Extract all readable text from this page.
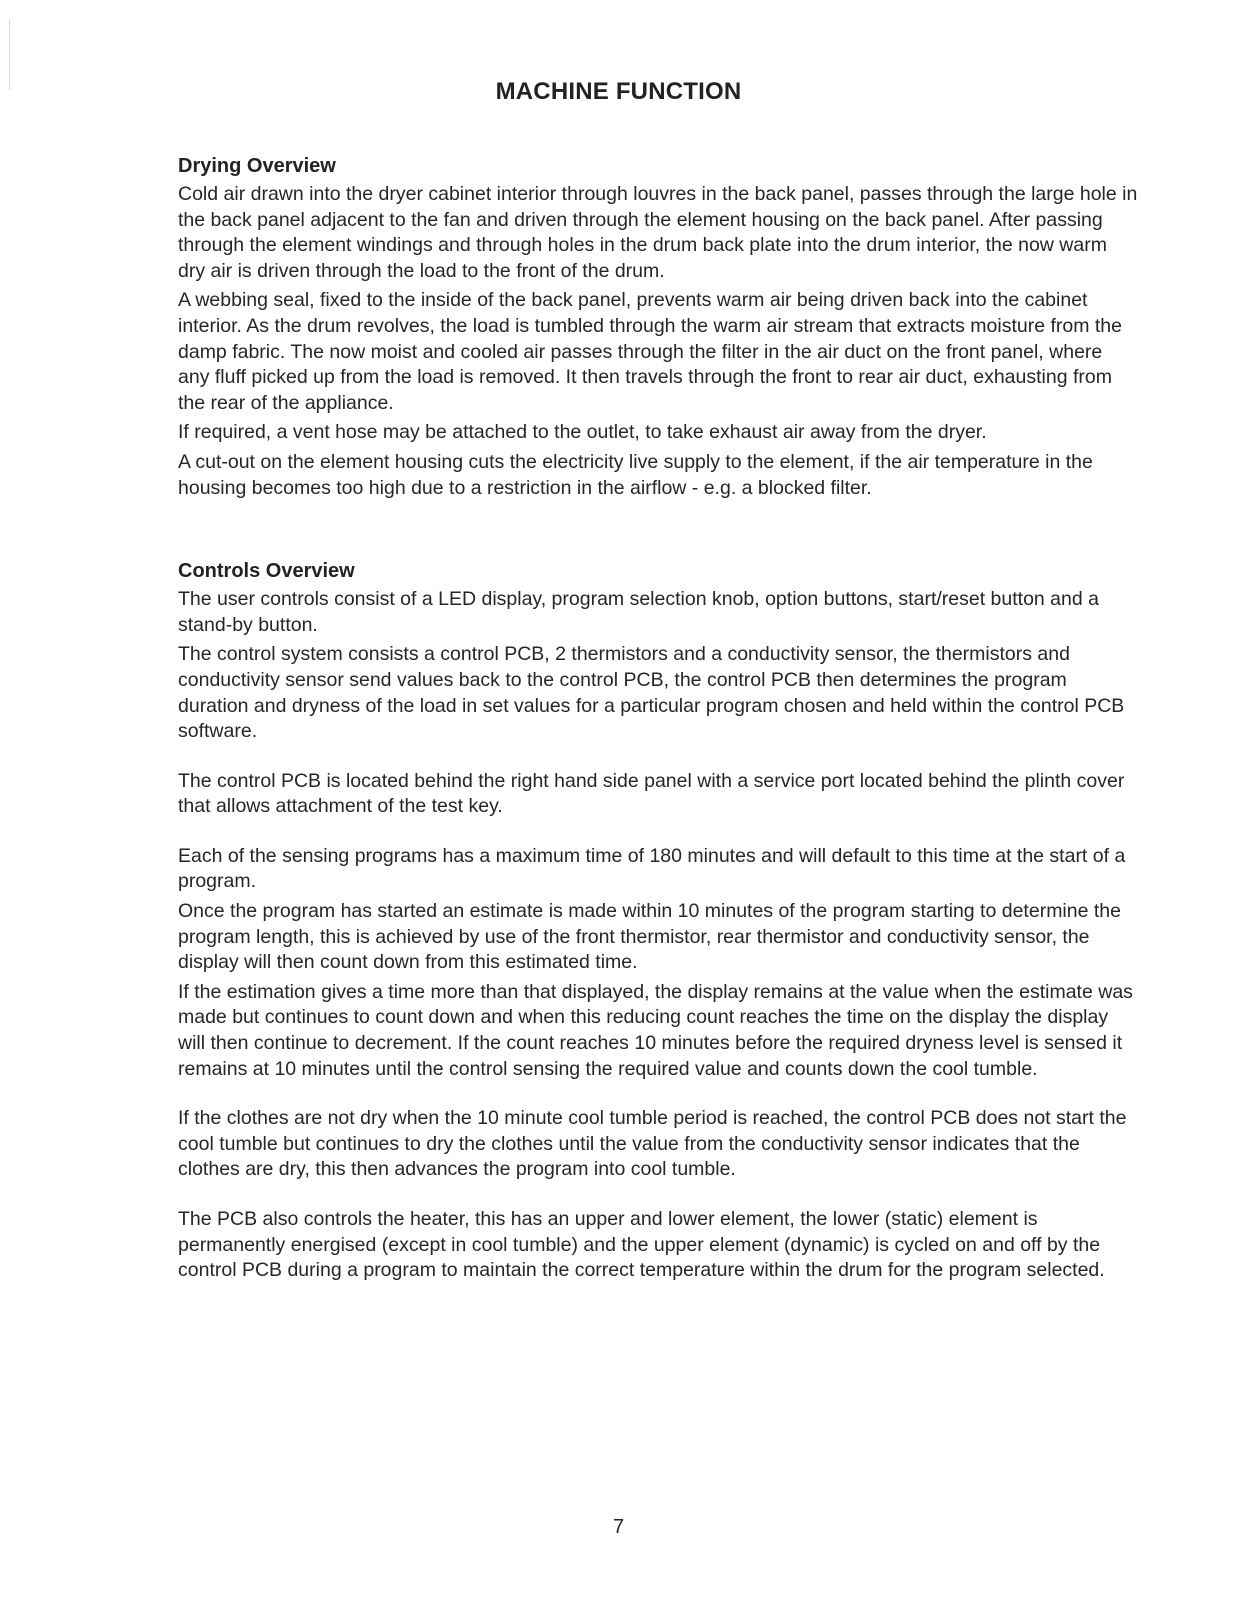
MACHINE FUNCTION
Drying Overview

Cold air drawn into the dryer cabinet interior through louvres in the back panel, passes through the large hole in the back panel adjacent to the fan and driven through the element housing on the back panel. After passing through the element windings and through holes in the drum back plate into the drum interior, the now warm dry air is driven through the load to the front of the drum.

A webbing seal, fixed to the inside of the back panel, prevents warm air being driven back into the cabinet interior. As the drum revolves, the load is tumbled through the warm air stream that extracts moisture from the damp fabric. The now moist and cooled air passes through the filter in the air duct on the front panel, where any fluff picked up from the load is removed. It then travels through the front to rear air duct, exhausting from the rear of the appliance.

If required, a vent hose may be attached to the outlet, to take exhaust air away from the dryer.

A cut-out on the element housing cuts the electricity live supply to the element, if the air temperature in the housing becomes too high due to a restriction in the airflow - e.g. a blocked filter.

Controls Overview

The user controls consist of a LED display, program selection knob, option buttons, start/reset button and a stand-by button.

The control system consists a control PCB, 2 thermistors and a conductivity sensor, the thermistors and conductivity sensor send values back to the control PCB, the control PCB then determines the program duration and dryness of the load in set values for a particular program chosen and held within the control PCB software.

The control PCB is located behind the right hand side panel with a service port located behind the plinth cover that allows attachment of the test key.

Each of the sensing programs has a maximum time of 180 minutes and will default to this time at the start of a program.

Once the program has started an estimate is made within 10 minutes of the program starting to determine the program length, this is achieved by use of the front thermistor, rear thermistor and conductivity sensor, the display will then count down from this estimated time.

If the estimation gives a time more than that displayed, the display remains at the value when the estimate was made but continues to count down and when this reducing count reaches the time on the display the display will then continue to decrement. If the count reaches 10 minutes before the required dryness level is sensed it remains at 10 minutes until the control sensing the required value and counts down the cool tumble.

If the clothes are not dry when the 10 minute cool tumble period is reached, the control PCB does not start the cool tumble but continues to dry the clothes until the value from the conductivity sensor indicates that the clothes are dry, this then advances the program into cool tumble.

The PCB also controls the heater, this has an upper and lower element, the lower (static) element is permanently energised (except in cool tumble) and the upper element (dynamic) is cycled on and off by the control PCB during a program to maintain the correct temperature within the drum for the program selected.

7
